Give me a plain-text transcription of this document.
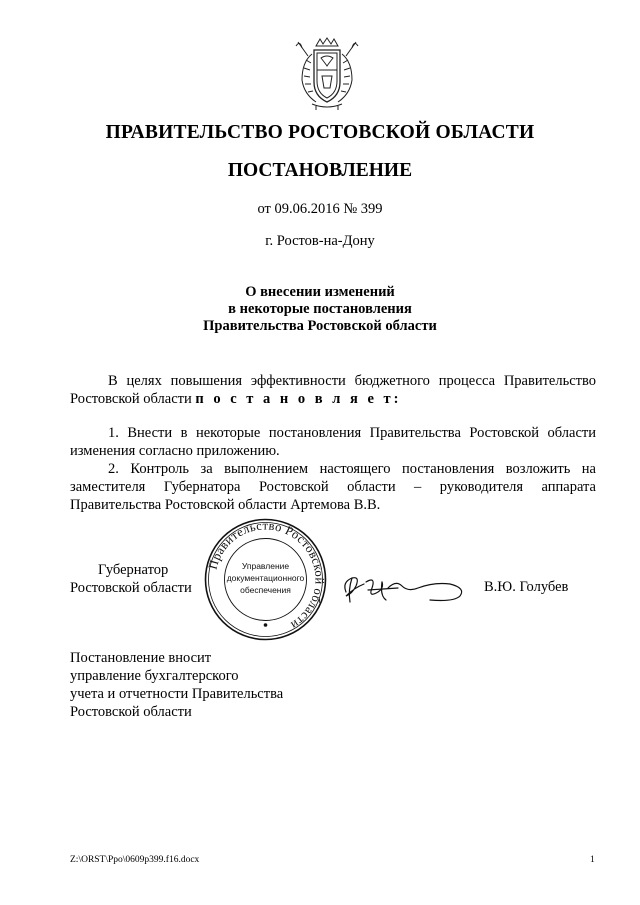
ПРАВИТЕЛЬСТВО РОСТОВСКОЙ ОБЛАСТИ
ПОСТАНОВЛЕНИЕ
от 09.06.2016 № 399
г. Ростов-на-Дону
О внесении изменений
в некоторые постановления
Правительства Ростовской области
В целях повышения эффективности бюджетного процесса Правительство Ростовской области п о с т а н о в л я е т:
1. Внести в некоторые постановления Правительства Ростовской области изменения согласно приложению.
2. Контроль за выполнением настоящего постановления возложить на заместителя Губернатора Ростовской области – руководителя аппарата Правительства Ростовской области Артемова В.В.
Губернатор
Ростовской области
Правительство Ростовской области
Управление
документационного
обеспечения	В.Ю. Голубев
Постановление вносит
управление бухгалтерского
учета и отчетности Правительства
Ростовской области
Z:\ORST\Ppo\0609p399.f16.docx	1
